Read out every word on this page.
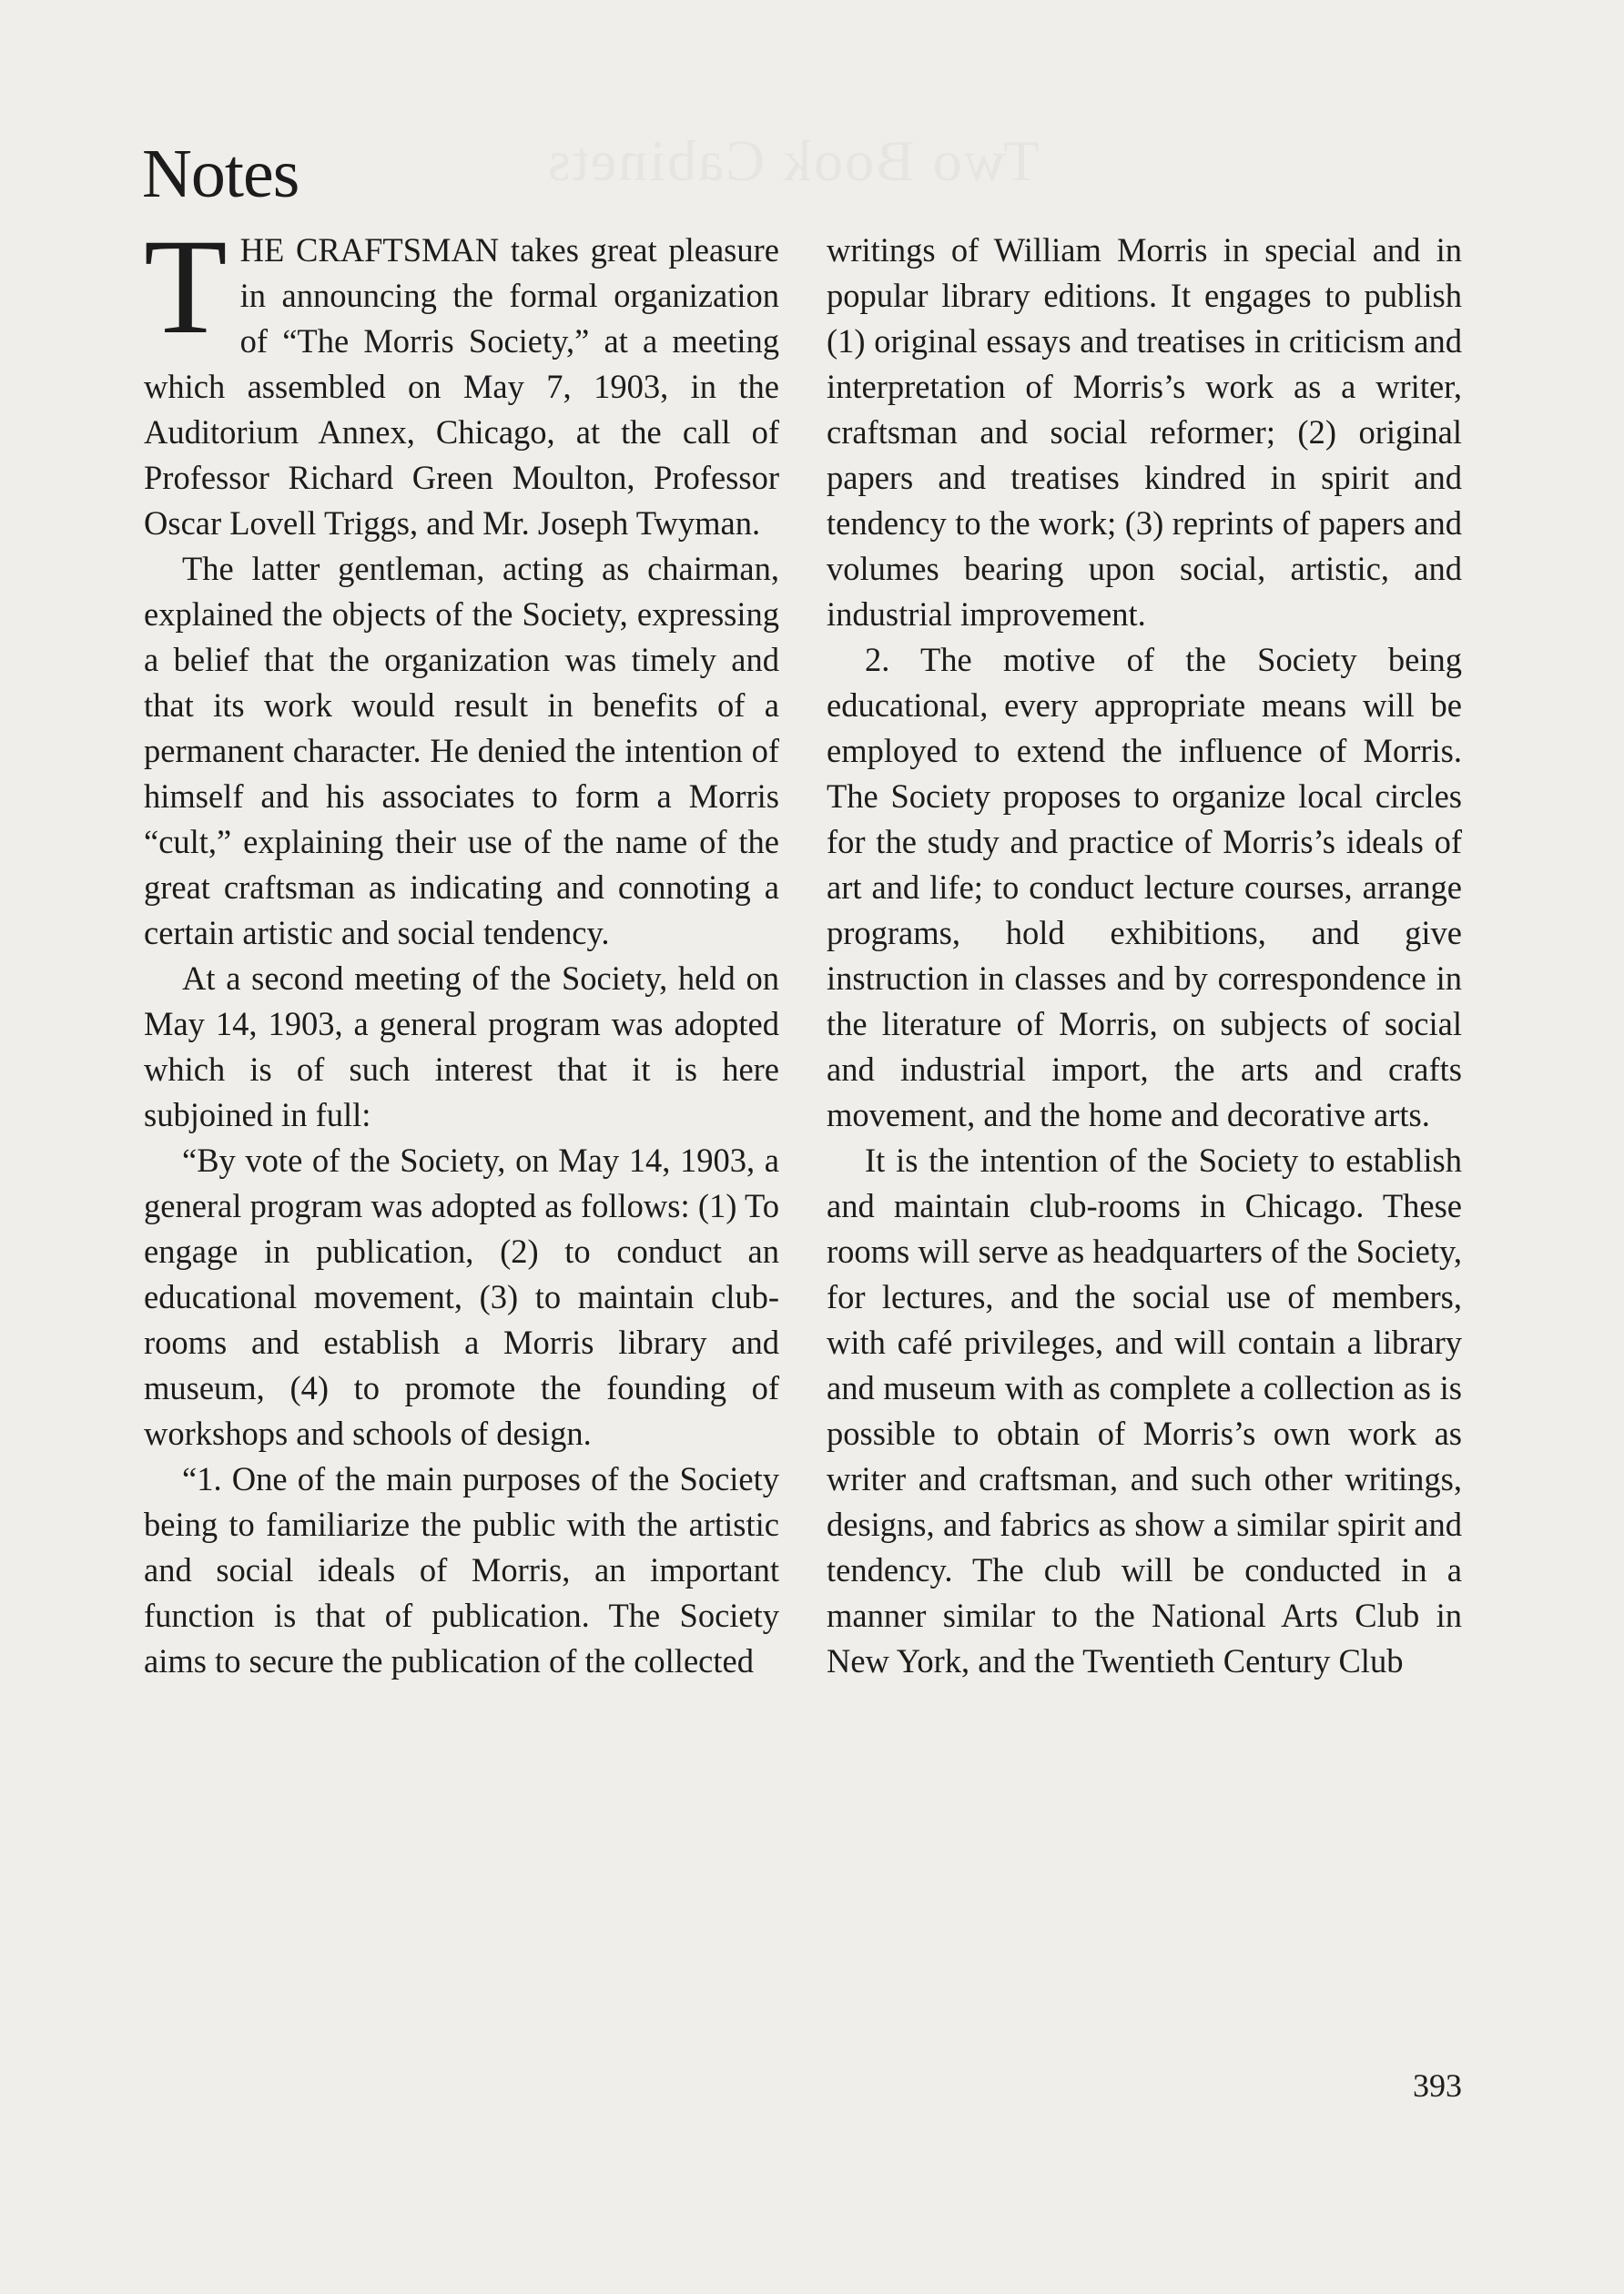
Two Book Cabinets
Notes

THE CRAFTSMAN takes great pleasure in announcing the formal organization of “The Morris Society,” at a meeting which assembled on May 7, 1903, in the Auditorium Annex, Chicago, at the call of Professor Richard Green Moulton, Professor Oscar Lovell Triggs, and Mr. Joseph Twyman.

The latter gentleman, acting as chairman, explained the objects of the Society, expressing a belief that the organization was timely and that its work would result in benefits of a permanent character. He denied the intention of himself and his associates to form a Morris “cult,” explaining their use of the name of the great craftsman as indicating and connoting a certain artistic and social tendency.

At a second meeting of the Society, held on May 14, 1903, a general program was adopted which is of such interest that it is here subjoined in full:

“By vote of the Society, on May 14, 1903, a general program was adopted as follows: (1) To engage in publication, (2) to conduct an educational movement, (3) to maintain club-rooms and establish a Morris library and museum, (4) to promote the founding of workshops and schools of design.

“1. One of the main purposes of the Society being to familiarize the public with the artistic and social ideals of Morris, an important function is that of publication. The Society aims to secure the publication of the collected

writings of William Morris in special and in popular library editions. It engages to publish (1) original essays and treatises in criticism and interpretation of Morris’s work as a writer, craftsman and social reformer; (2) original papers and treatises kindred in spirit and tendency to the work; (3) reprints of papers and volumes bearing upon social, artistic, and industrial improvement.

2. The motive of the Society being educational, every appropriate means will be employed to extend the influence of Morris. The Society proposes to organize local circles for the study and practice of Morris’s ideals of art and life; to conduct lecture courses, arrange programs, hold exhibitions, and give instruction in classes and by correspondence in the literature of Morris, on subjects of social and industrial import, the arts and crafts movement, and the home and decorative arts.

It is the intention of the Society to establish and maintain club-rooms in Chicago. These rooms will serve as headquarters of the Society, for lectures, and the social use of members, with café privileges, and will contain a library and museum with as complete a collection as is possible to obtain of Morris’s own work as writer and craftsman, and such other writings, designs, and fabrics as show a similar spirit and tendency. The club will be conducted in a manner similar to the National Arts Club in New York, and the Twentieth Century Club

393
